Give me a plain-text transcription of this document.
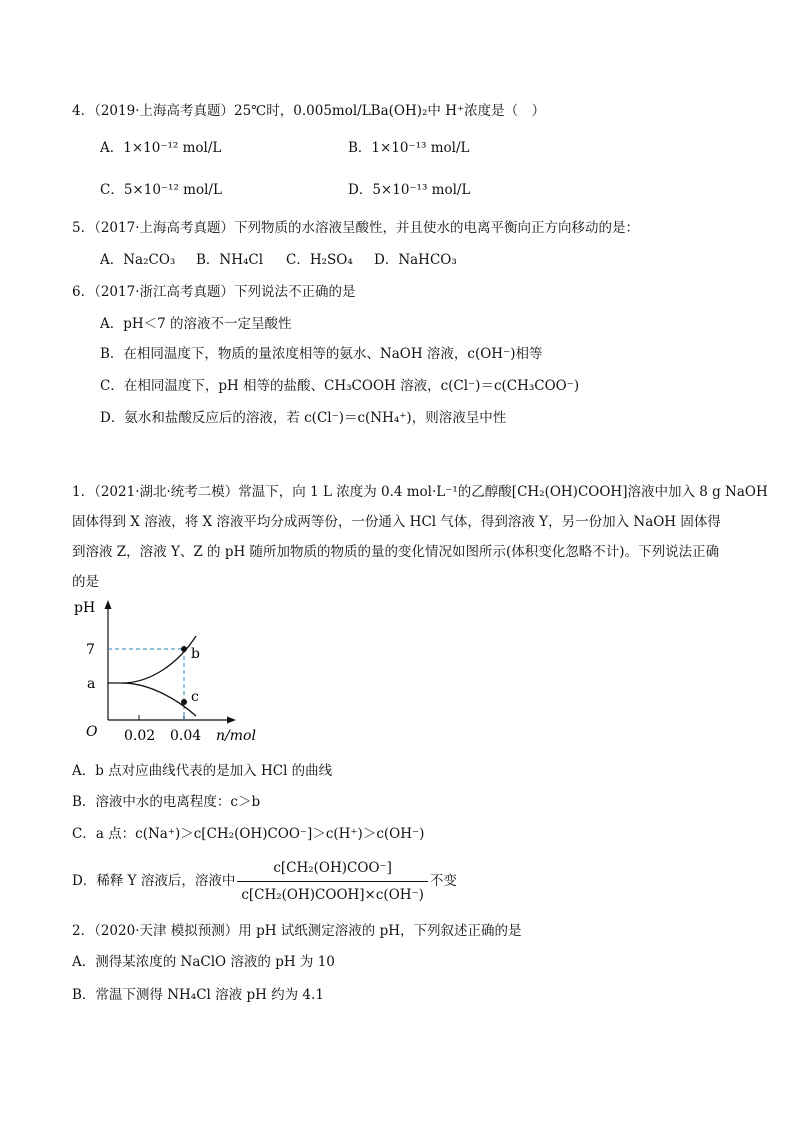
4．（2019·上海高考真题）25℃时，0.005mol/LBa(OH)₂中 H⁺浓度是（　）
A．1×10⁻¹² mol/L	B．1×10⁻¹³ mol/L
C．5×10⁻¹² mol/L	D．5×10⁻¹³ mol/L
5．（2017·上海高考真题）下列物质的水溶液呈酸性，并且使水的电离平衡向正方向移动的是：
A．Na₂CO₃ B．NH₄Cl C．H₂SO₄ D．NaHCO₃
6．（2017·浙江高考真题）下列说法不正确的是
A．pH＜7 的溶液不一定呈酸性
B．在相同温度下，物质的量浓度相等的氨水、NaOH 溶液，c(OH⁻)相等
C．在相同温度下，pH 相等的盐酸、CH₃COOH 溶液，c(Cl⁻)＝c(CH₃COO⁻)
D．氨水和盐酸反应后的溶液，若 c(Cl⁻)＝c(NH₄⁺)，则溶液呈中性
1．（2021·湖北·统考二模）常温下，向 1 L 浓度为 0.4 mol·L⁻¹的乙醇酸[CH₂(OH)COOH]溶液中加入 8 g NaOH
固体得到 X 溶液，将 X 溶液平均分成两等份，一份通入 HCl 气体，得到溶液 Y，另一份加入 NaOH 固体得
到溶液 Z，溶液 Y、Z 的 pH 随所加物质的物质的量的变化情况如图所示(体积变化忽略不计)。下列说法正确
的是
pH
7
a
O 0.02 0.04 n/mol
b
c
A．b 点对应曲线代表的是加入 HCl 的曲线
B．溶液中水的电离程度：c＞b
C．a 点：c(Na⁺)＞c[CH₂(OH)COO⁻]＞c(H⁺)＞c(OH⁻)
D．稀释 Y 溶液后，溶液中 $\frac{\text{c[CH₂(OH)COO⁻]}}{\text{c[CH₂(OH)COOH]×c(OH⁻)}}$ 不变
2．（2020·天津 模拟预测）用 pH 试纸测定溶液的 pH，下列叙述正确的是
A．测得某浓度的 NaClO 溶液的 pH 为 10
B．常温下测得 NH₄Cl 溶液 pH 约为 4.1
